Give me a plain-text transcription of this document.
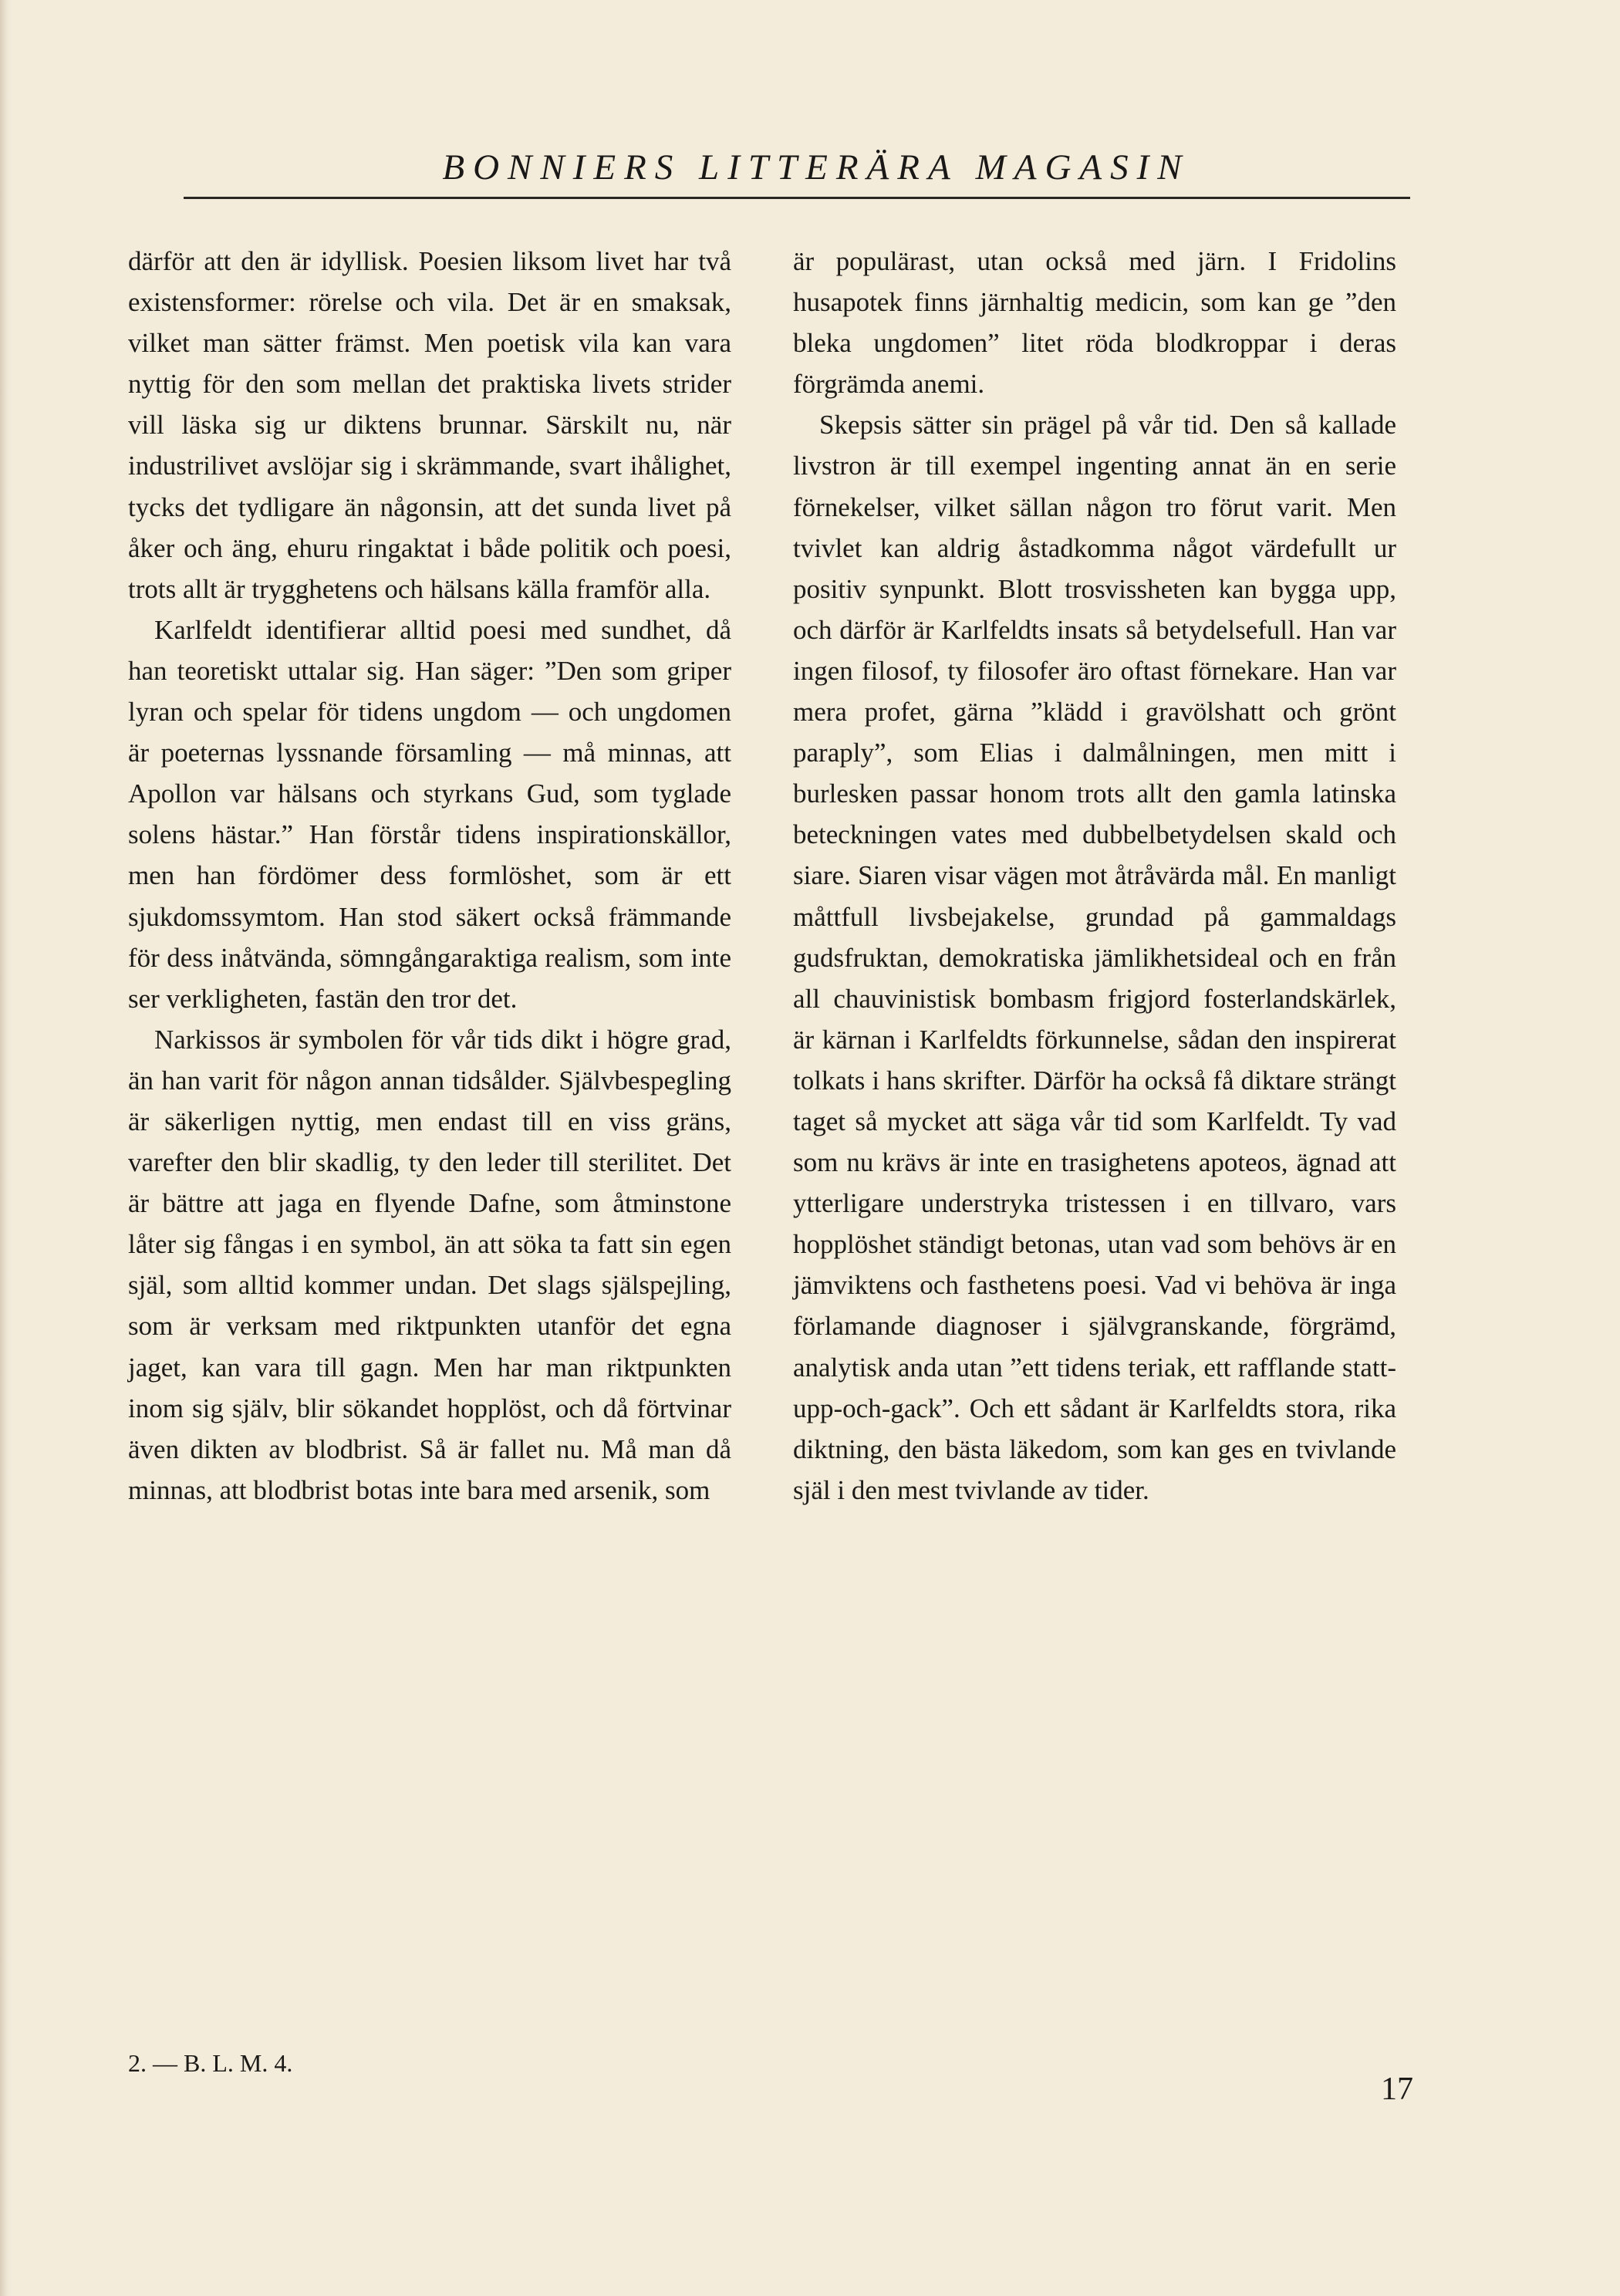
BONNIERS LITTERÄRA MAGASIN

därför att den är idyllisk. Poesien liksom livet har två existensformer: rörelse och vila. Det är en smaksak, vilket man sätter främst. Men poetisk vila kan vara nyttig för den som mellan det praktiska livets strider vill läska sig ur diktens brunnar. Särskilt nu, när industrilivet avslöjar sig i skrämmande, svart ihålighet, tycks det tydligare än någonsin, att det sunda livet på åker och äng, ehuru ringaktat i både politik och poesi, trots allt är trygghetens och hälsans källa framför alla.

Karlfeldt identifierar alltid poesi med sundhet, då han teoretiskt uttalar sig. Han säger: ”Den som griper lyran och spelar för tidens ungdom — och ungdomen är poeternas lyssnande församling — må minnas, att Apollon var hälsans och styrkans Gud, som tyglade solens hästar.” Han förstår tidens inspirationskällor, men han fördömer dess formlöshet, som är ett sjukdomssymtom. Han stod säkert också främmande för dess inåtvända, sömngångaraktiga realism, som inte ser verkligheten, fastän den tror det.

Narkissos är symbolen för vår tids dikt i högre grad, än han varit för någon annan tidsålder. Självbespegling är säkerligen nyttig, men endast till en viss gräns, varefter den blir skadlig, ty den leder till sterilitet. Det är bättre att jaga en flyende Dafne, som åtminstone låter sig fångas i en symbol, än att söka ta fatt sin egen själ, som alltid kommer undan. Det slags själspejling, som är verksam med riktpunkten utanför det egna jaget, kan vara till gagn. Men har man riktpunkten inom sig själv, blir sökandet hopplöst, och då förtvinar även dikten av blodbrist. Så är fallet nu. Må man då minnas, att blodbrist botas inte bara med arsenik, som

är populärast, utan också med järn. I Fridolins husapotek finns järnhaltig medicin, som kan ge ”den bleka ungdomen” litet röda blodkroppar i deras förgrämda anemi.

Skepsis sätter sin prägel på vår tid. Den så kallade livstron är till exempel ingenting annat än en serie förnekelser, vilket sällan någon tro förut varit. Men tvivlet kan aldrig åstadkomma något värdefullt ur positiv synpunkt. Blott trosvissheten kan bygga upp, och därför är Karlfeldts insats så betydelsefull. Han var ingen filosof, ty filosofer äro oftast förnekare. Han var mera profet, gärna ”klädd i gravölshatt och grönt paraply”, som Elias i dalmålningen, men mitt i burlesken passar honom trots allt den gamla latinska beteckningen vates med dubbelbetydelsen skald och siare. Siaren visar vägen mot åtråvärda mål. En manligt måttfull livsbejakelse, grundad på gammaldags gudsfruktan, demokratiska jämlikhetsideal och en från all chauvinistisk bombasm frigjord fosterlandskärlek, är kärnan i Karlfeldts förkunnelse, sådan den inspirerat tolkats i hans skrifter. Därför ha också få diktare strängt taget så mycket att säga vår tid som Karlfeldt. Ty vad som nu krävs är inte en trasighetens apoteos, ägnad att ytterligare understryka tristessen i en tillvaro, vars hopplöshet ständigt betonas, utan vad som behövs är en jämviktens och fasthetens poesi. Vad vi behöva är inga förlamande diagnoser i självgranskande, förgrämd, analytisk anda utan ”ett tidens teriak, ett rafflande statt-upp-och-gack”. Och ett sådant är Karlfeldts stora, rika diktning, den bästa läkedom, som kan ges en tvivlande själ i den mest tvivlande av tider.

2. — B. L. M. 4.
17
